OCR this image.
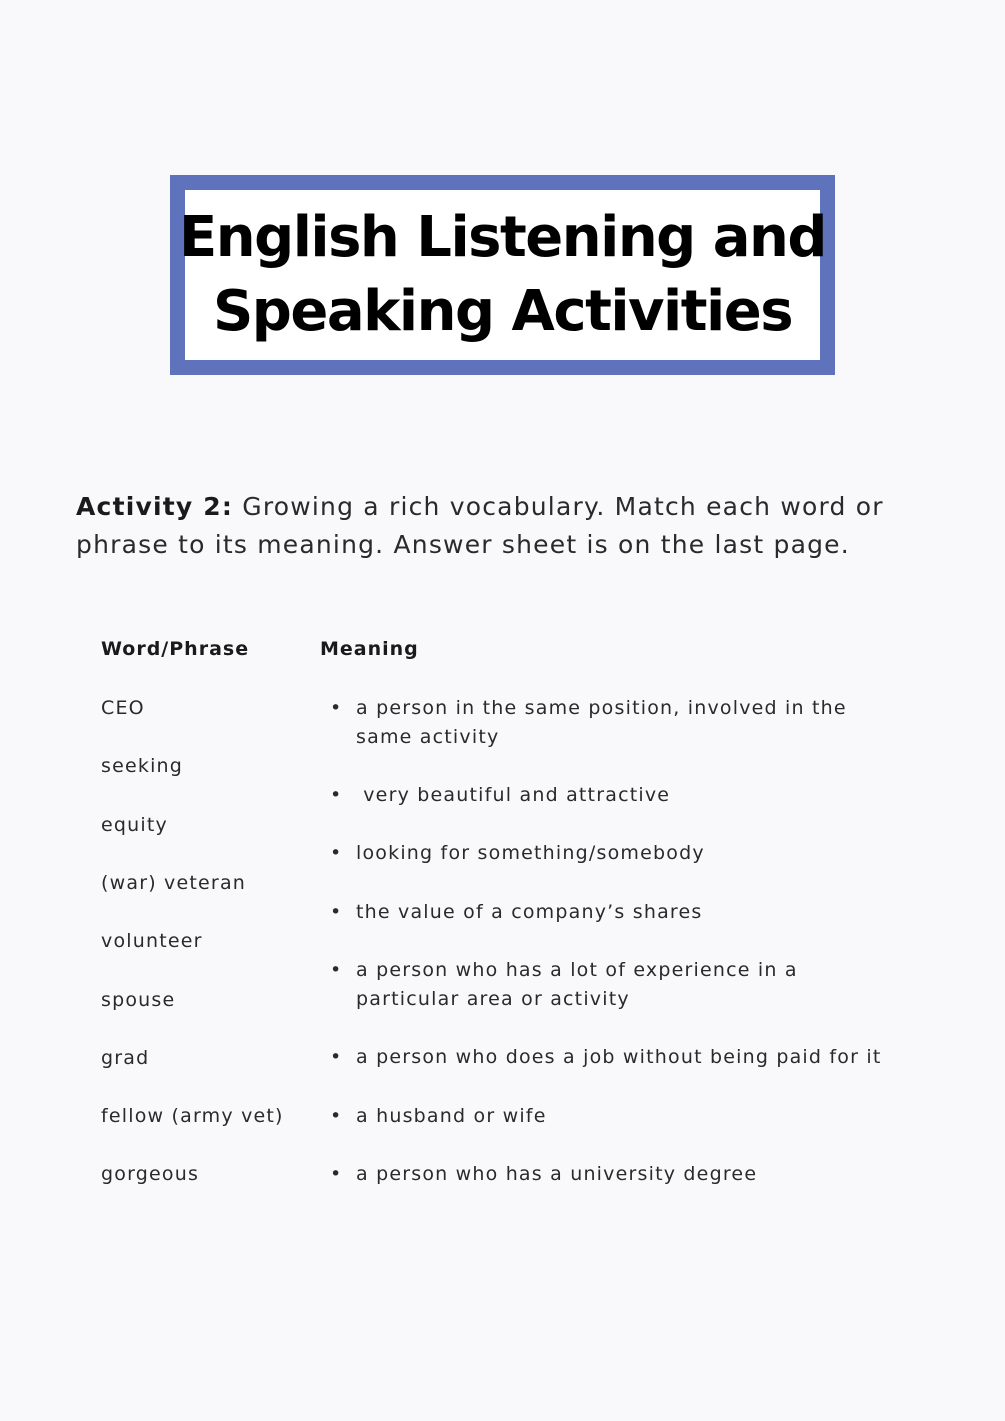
English Listening and
Speaking Activities
Activity 2: Growing a rich vocabulary. Match each word or phrase to its meaning. Answer sheet is on the last page.
Word/Phrase	Meaning
CEO
seeking
equity
(war) veteran
volunteer
spouse
grad
fellow (army vet)
gorgeous
• a person in the same position, involved in the same activity
• very beautiful and attractive
• looking for something/somebody
• the value of a company’s shares
• a person who has a lot of experience in a particular area or activity
• a person who does a job without being paid for it
• a husband or wife
• a person who has a university degree
